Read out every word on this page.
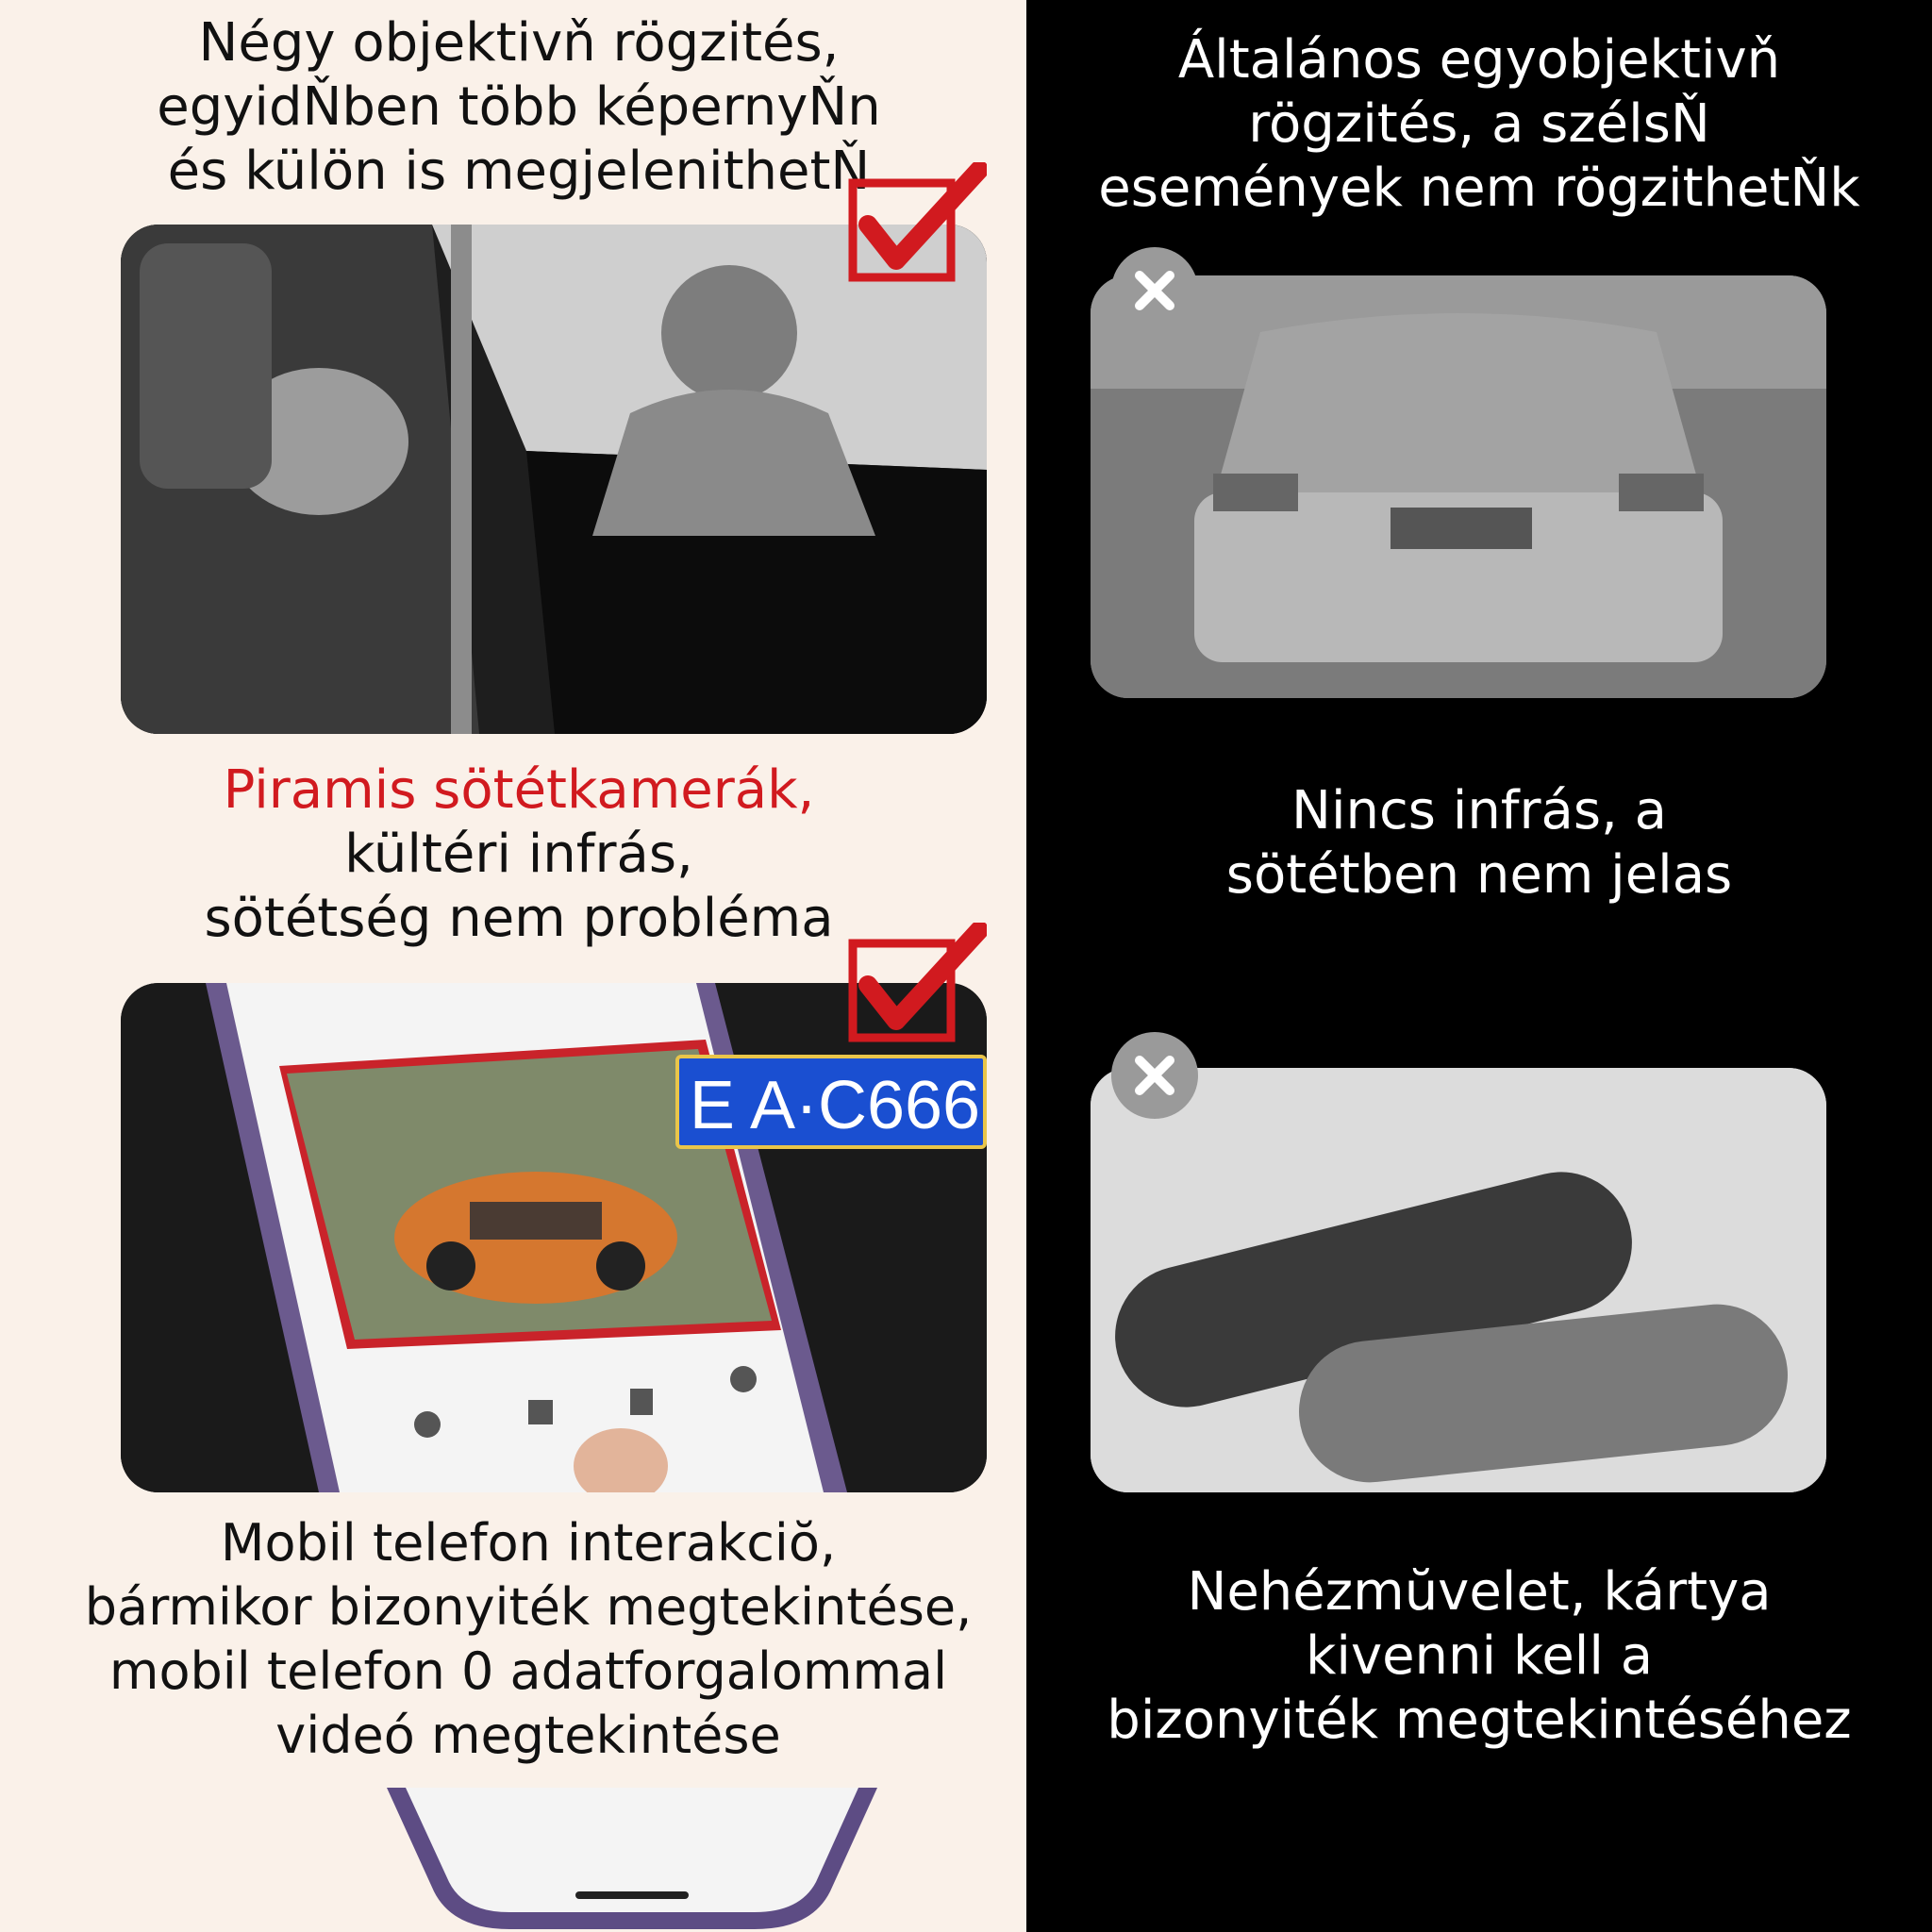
Négy objektivň rögzités,
egyidŇben több képernyŇn
és külön is megjelenithetŇ
Piramis sötétkamerák,
kültéri infrás,
sötétség nem probléma
E A·C666
Mobil telefon interakciŏ,
bármikor bizonyiték megtekintése,
mobil telefon 0 adatforgalommal
videó megtekintése
Általános egyobjektivň
rögzités, a szélsŇ
események nem rögzithetŇk
Nincs infrás, a
sötétben nem jelas
Nehézmŭvelet, kártya
kivenni kell a
bizonyiték megtekintéséhez
